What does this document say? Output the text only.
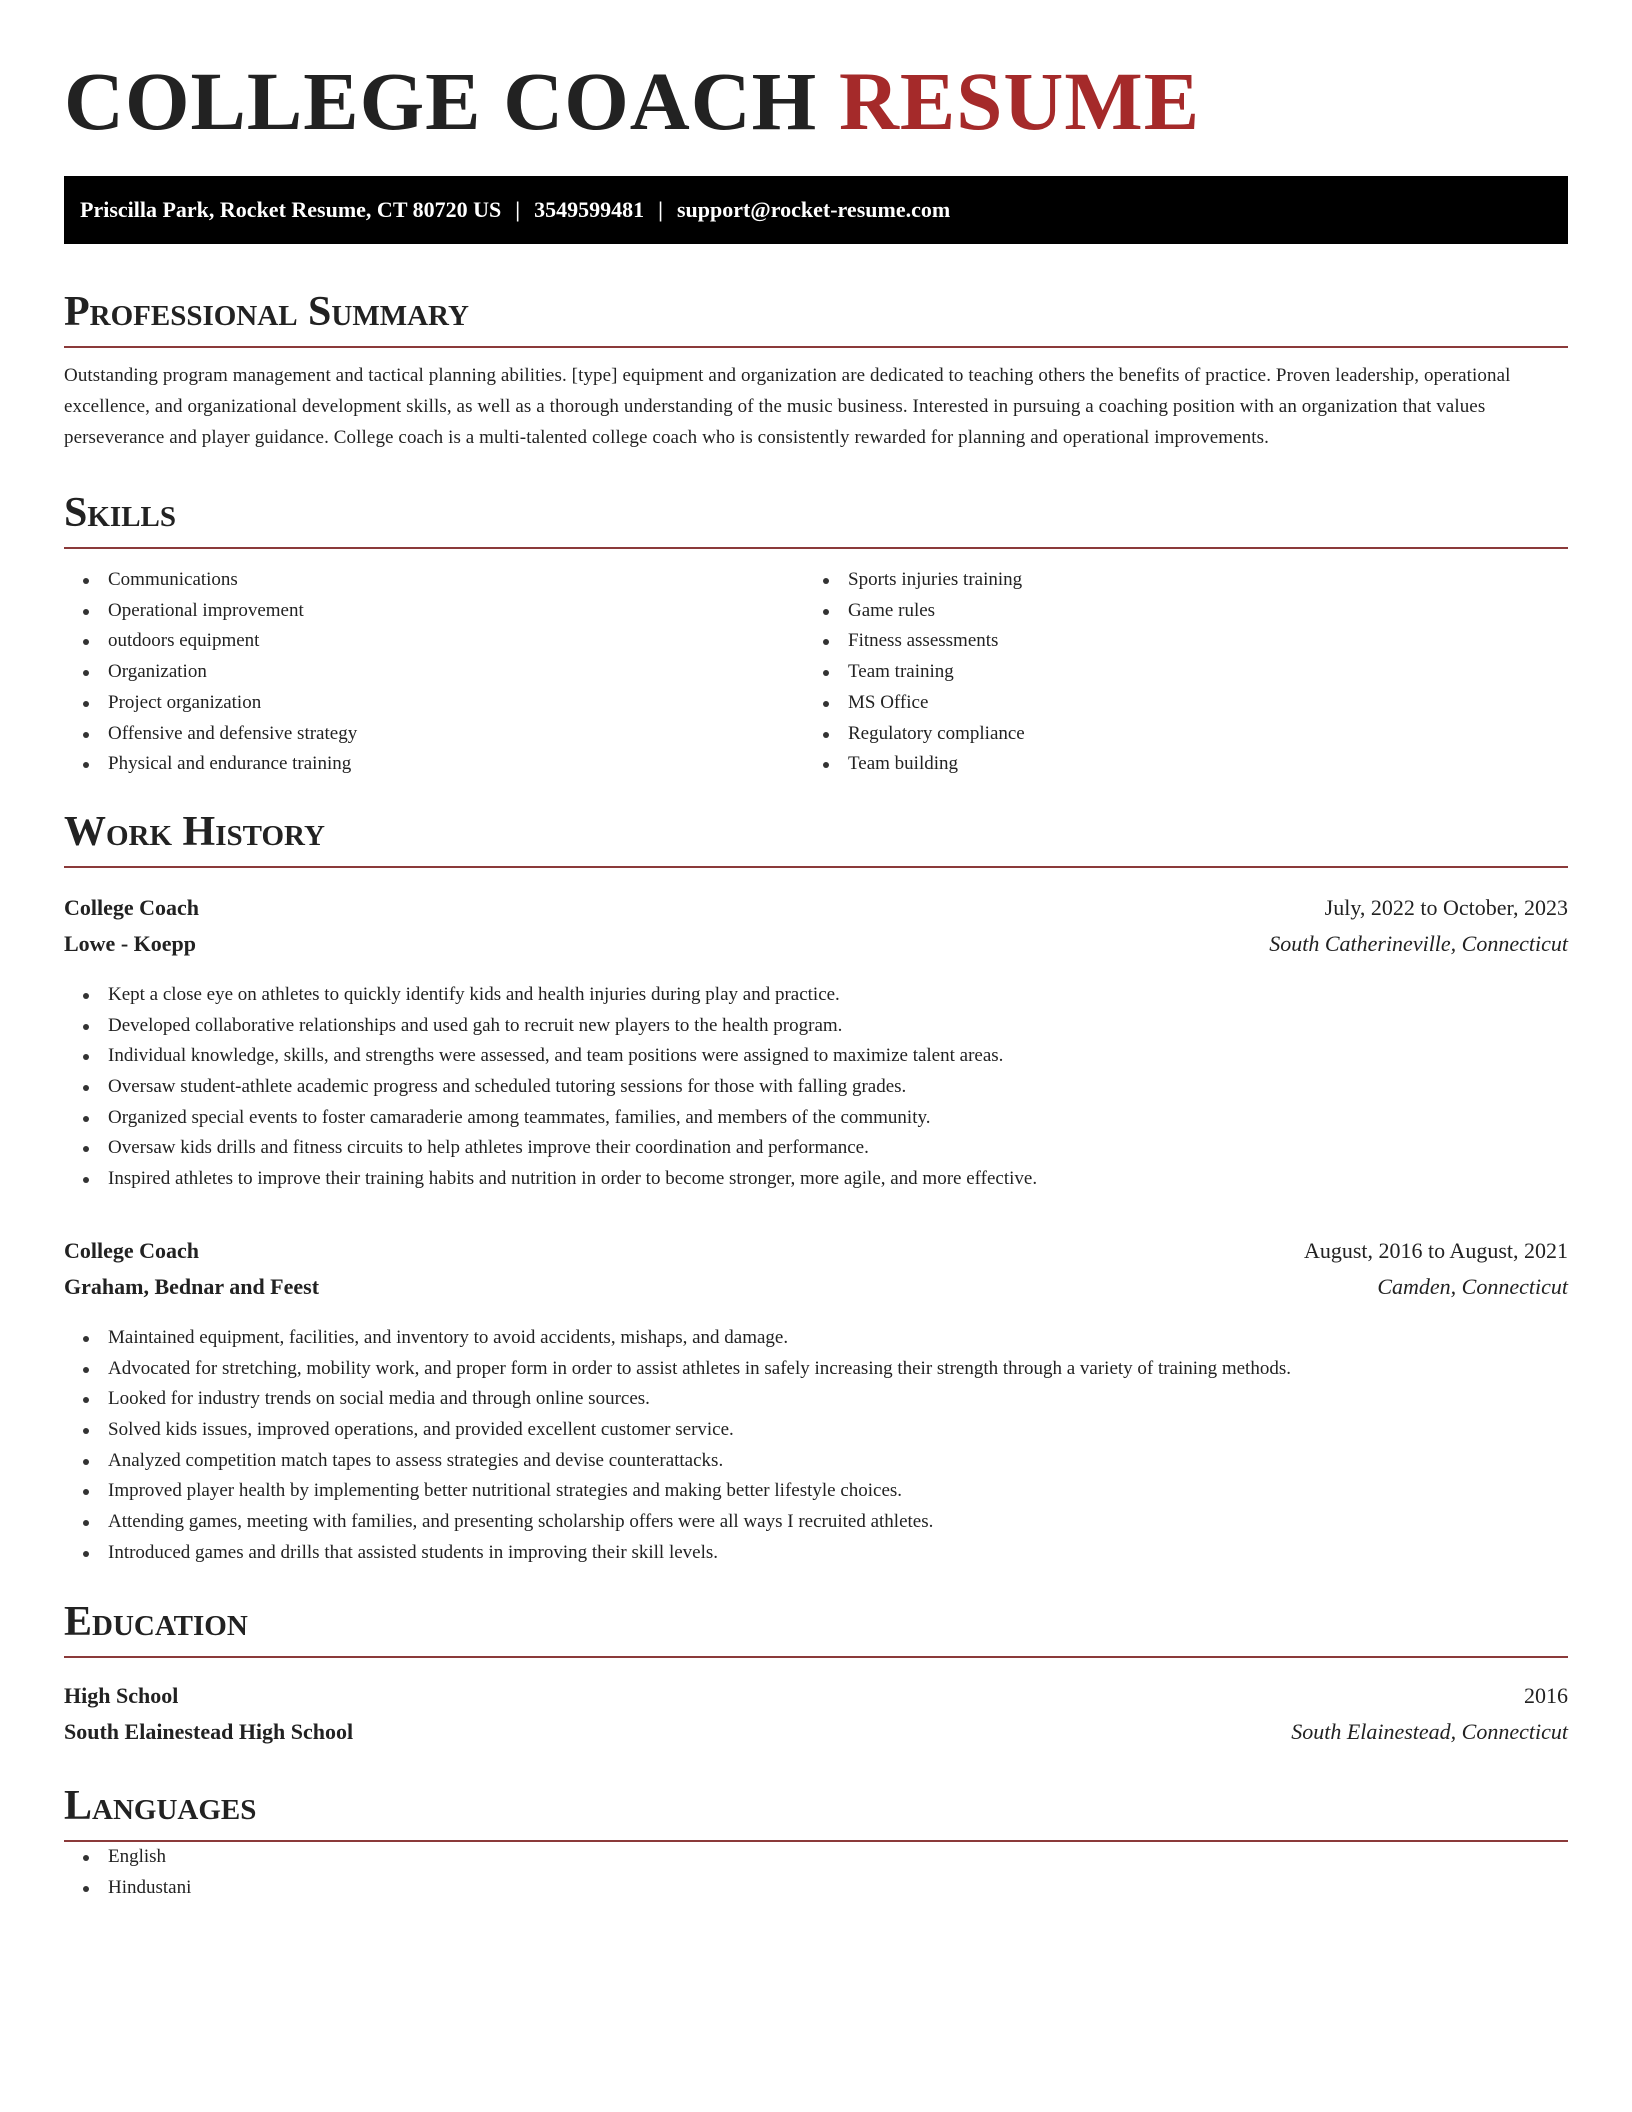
COLLEGE COACH RESUME
Priscilla Park, Rocket Resume, CT 80720 US | 3549599481 | support@rocket-resume.com
Professional Summary

Outstanding program management and tactical planning abilities. [type] equipment and organization are dedicated to teaching others the benefits of practice. Proven leadership, operational excellence, and organizational development skills, as well as a thorough understanding of the music business. Interested in pursuing a coaching position with an organization that values perseverance and player guidance. College coach is a multi-talented college coach who is consistently rewarded for planning and operational improvements.

Skills
Communications
Operational improvement
outdoors equipment
Organization
Project organization
Offensive and defensive strategy
Physical and endurance training
Sports injuries training
Game rules
Fitness assessments
Team training
MS Office
Regulatory compliance
Team building
Work History
College Coach	July, 2022 to October, 2023
Lowe - Koepp	South Catherineville, Connecticut
Kept a close eye on athletes to quickly identify kids and health injuries during play and practice.
Developed collaborative relationships and used gah to recruit new players to the health program.
Individual knowledge, skills, and strengths were assessed, and team positions were assigned to maximize talent areas.
Oversaw student-athlete academic progress and scheduled tutoring sessions for those with falling grades.
Organized special events to foster camaraderie among teammates, families, and members of the community.
Oversaw kids drills and fitness circuits to help athletes improve their coordination and performance.
Inspired athletes to improve their training habits and nutrition in order to become stronger, more agile, and more effective.
College Coach	August, 2016 to August, 2021
Graham, Bednar and Feest	Camden, Connecticut
Maintained equipment, facilities, and inventory to avoid accidents, mishaps, and damage.
Advocated for stretching, mobility work, and proper form in order to assist athletes in safely increasing their strength through a variety of training methods.
Looked for industry trends on social media and through online sources.
Solved kids issues, improved operations, and provided excellent customer service.
Analyzed competition match tapes to assess strategies and devise counterattacks.
Improved player health by implementing better nutritional strategies and making better lifestyle choices.
Attending games, meeting with families, and presenting scholarship offers were all ways I recruited athletes.
Introduced games and drills that assisted students in improving their skill levels.
Education
High School	2016
South Elainestead High School	South Elainestead, Connecticut
Languages
English
Hindustani
